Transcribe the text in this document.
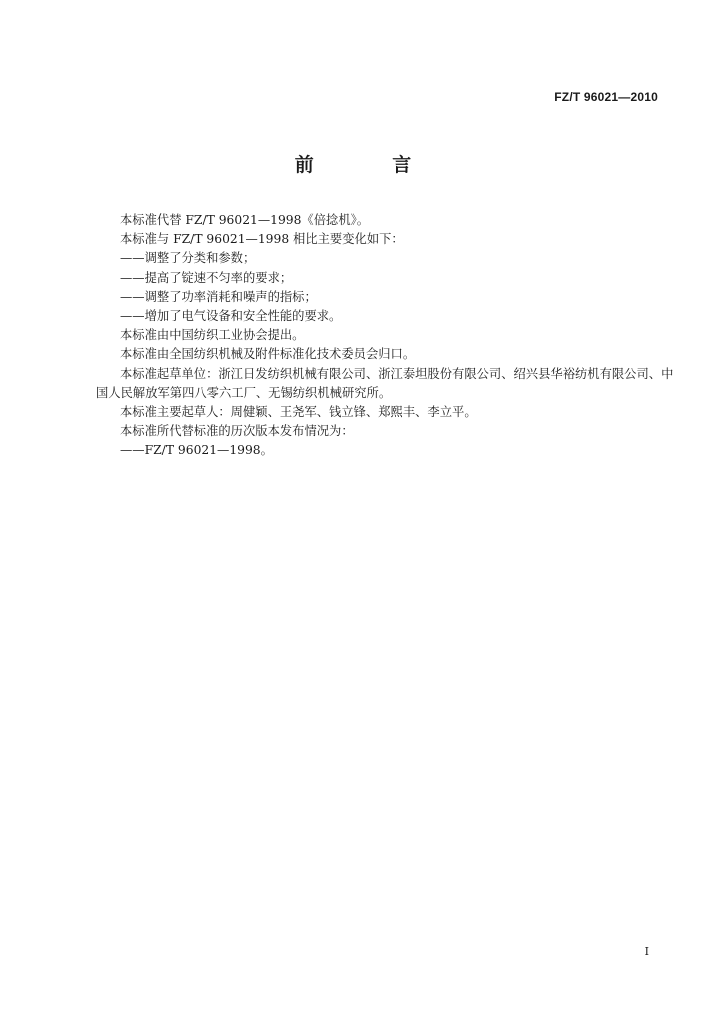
FZ/T 96021—2010
前 言

本标准代替 FZ/T 96021—1998《倍捻机》。

本标准与 FZ/T 96021—1998 相比主要变化如下：

——调整了分类和参数；

——提高了锭速不匀率的要求；

——调整了功率消耗和噪声的指标；

——增加了电气设备和安全性能的要求。

本标准由中国纺织工业协会提出。

本标准由全国纺织机械及附件标准化技术委员会归口。

本标准起草单位：浙江日发纺织机械有限公司、浙江泰坦股份有限公司、绍兴县华裕纺机有限公司、中国人民解放军第四八零六工厂、无锡纺织机械研究所。

本标准主要起草人：周健颖、王尧军、钱立锋、郑熙丰、李立平。

本标准所代替标准的历次版本发布情况为：

——FZ/T 96021—1998。

I
